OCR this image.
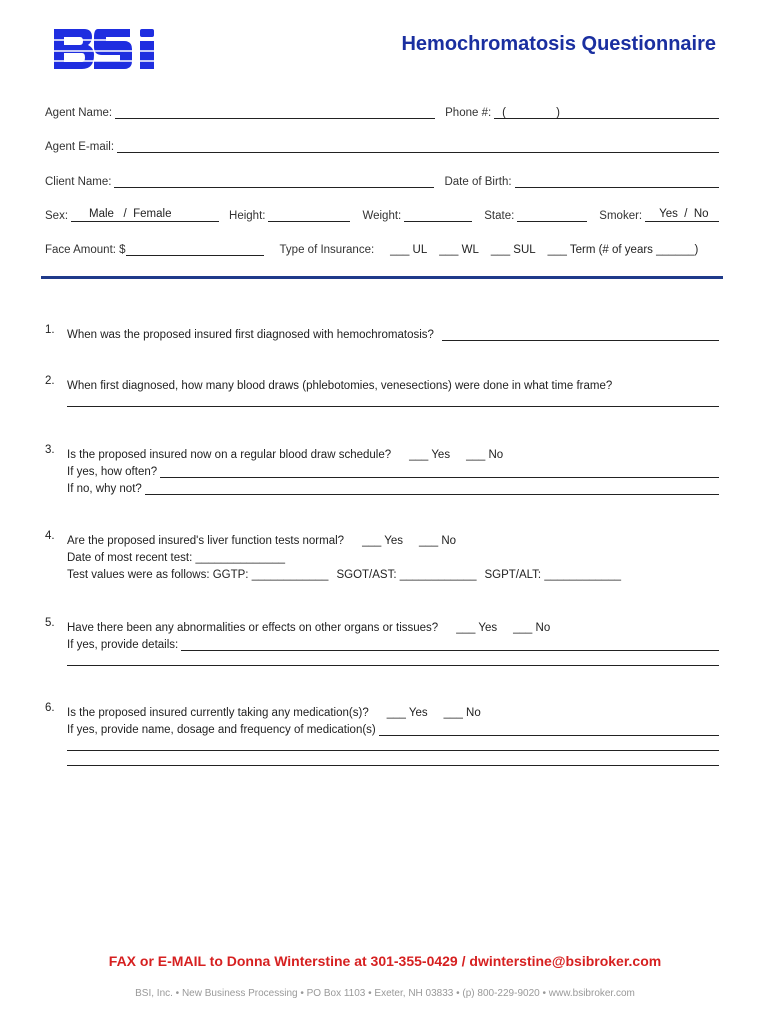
Hemochromatosis Questionnaire
Agent Name:	Phone #: (	)
Agent E-mail:
Client Name:	Date of Birth:
Sex:	Male   /  Female	Height:	Weight:	State:	Smoker:	Yes  /  No
Face Amount: $	Type of Insurance: ___ UL ___ WL ___ SUL ___ Term (# of years ______)
1. When was the proposed insured first diagnosed with hemochromatosis?
2. When first diagnosed, how many blood draws (phlebotomies, venesections) were done in what time frame?
3. Is the proposed insured now on a regular blood draw schedule? ___ Yes ___ No
If yes, how often?
If no, why not?
4. Are the proposed insured's liver function tests normal? ___ Yes ___ No
Date of most recent test: ______________
Test values were as follows: GGTP: ____________ SGOT/AST: ____________ SGPT/ALT: ____________
5. Have there been any abnormalities or effects on other organs or tissues? ___ Yes ___ No
If yes, provide details:
6. Is the proposed insured currently taking any medication(s)? ___ Yes ___ No
If yes, provide name, dosage and frequency of medication(s)
FAX or E-MAIL to Donna Winterstine at 301-355-0429 / dwinterstine@bsibroker.com
BSI, Inc. • New Business Processing • PO Box 1103 • Exeter, NH 03833 • (p) 800-229-9020 • www.bsibroker.com
